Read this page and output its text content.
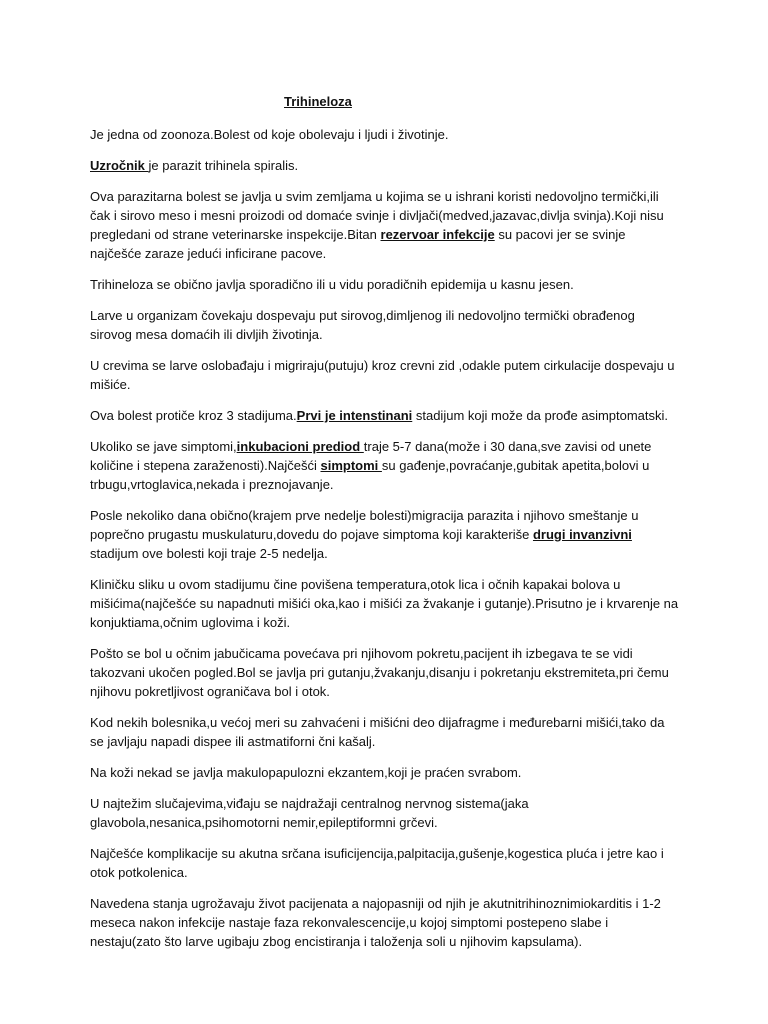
Trihineloza

Je jedna od zoonoza.Bolest od koje obolevaju i ljudi i životinje.

Uzročnik je parazit trihinela spiralis.

Ova parazitarna bolest se javlja u svim zemljama u kojima se u ishrani koristi nedovoljno termički,ili čak i sirovo meso i mesni proizodi od domaće svinje i divljači(medved,jazavac,divlja svinja).Koji nisu pregledani od strane veterinarske inspekcije.Bitan rezervoar infekcije su pacovi jer se svinje najčešće zaraze jedući inficirane pacove.

Trihineloza se obično javlja sporadično ili u vidu poradičnih epidemija u kasnu jesen.

Larve u organizam čovekaju dospevaju put sirovog,dimljenog ili nedovoljno termički obrađenog sirovog mesa domaćih ili divljih životinja.

U crevima se larve oslobađaju i migriraju(putuju) kroz crevni zid ,odakle putem cirkulacije dospevaju u mišiće.

Ova bolest protiče kroz 3 stadijuma.Prvi je intenstinani stadijum koji može da prođe asimptomatski.

Ukoliko se jave simptomi,inkubacioni prediod traje 5-7 dana(može i 30 dana,sve zavisi od unete količine i stepena zaraženosti).Najčešći simptomi su gađenje,povraćanje,gubitak apetita,bolovi u trbugu,vrtoglavica,nekada i preznojavanje.

Posle nekoliko dana obično(krajem prve nedelje bolesti)migracija parazita i njihovo smeštanje u poprečno prugastu muskulaturu,dovedu do pojave simptoma koji karakteriše drugi invanzivni stadijum ove bolesti koji traje 2-5 nedelja.

Kliničku sliku u ovom stadijumu čine povišena temperatura,otok lica i očnih kapakai bolova u mišićima(najčešće su napadnuti mišići oka,kao i mišići za žvakanje i gutanje).Prisutno je i krvarenje na konjuktiama,očnim uglovima i koži.

Pošto se bol u očnim jabučicama povećava pri njihovom pokretu,pacijent ih izbegava te se vidi takozvani ukočen pogled.Bol se javlja pri gutanju,žvakanju,disanju i pokretanju ekstremiteta,pri čemu njihovu pokretljivost ograničava bol i otok.

Kod nekih bolesnika,u većoj meri su zahvaćeni i mišićni deo dijafragme i međurebarni mišići,tako da se javljaju napadi dispee ili astmatiforni čni kašalj.

Na koži nekad se javlja makulopapulozni ekzantem,koji je praćen svrabom.

U najtežim slučajevima,viđaju se najdražaji centralnog nervnog sistema(jaka glavobola,nesanica,psihomotorni nemir,epileptiformni grčevi.

Najčešće komplikacije su akutna srčana isuficijencija,palpitacija,gušenje,kogestica pluća i jetre kao i otok potkolenica.

Navedena stanja ugrožavaju život pacijenata a najopasniji od njih je akutnitrihinoznimiokarditis i 1-2 meseca nakon infekcije nastaje faza rekonvalescencije,u kojoj simptomi postepeno slabe i nestaju(zato što larve ugibaju zbog encistiranja i taloženja soli u njihovim kapsulama).
